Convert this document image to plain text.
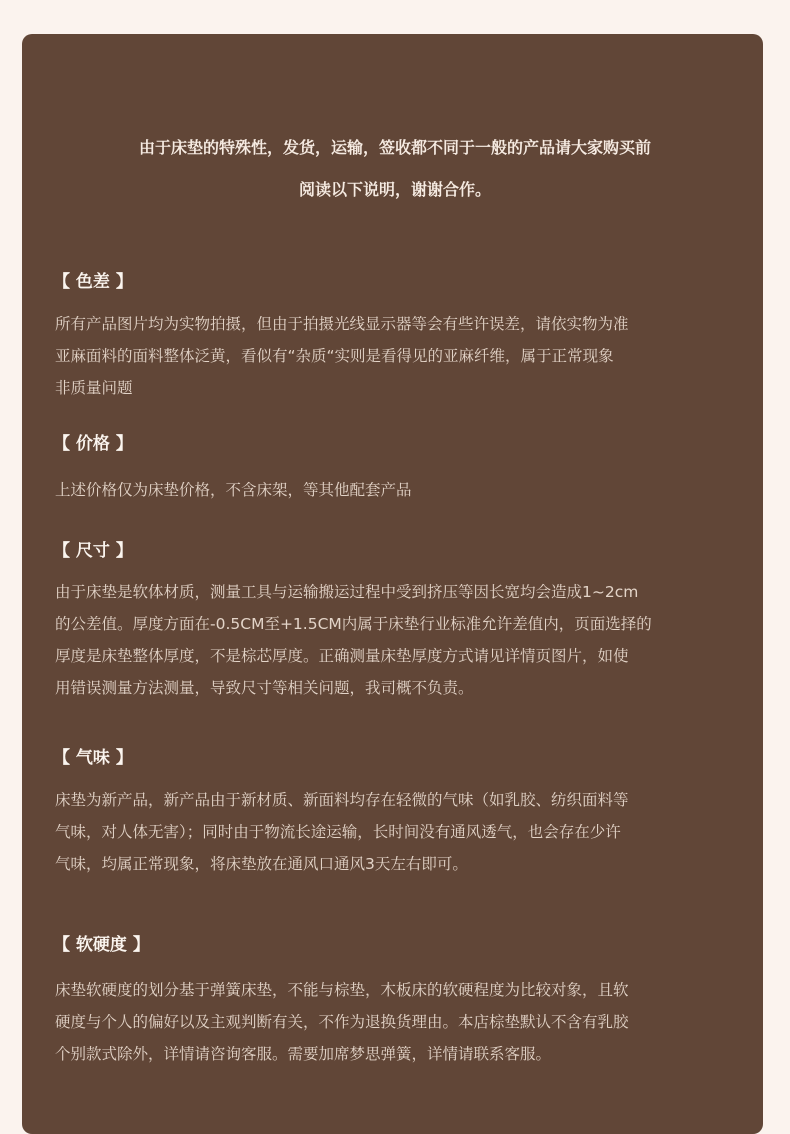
由于床垫的特殊性，发货，运输，签收都不同于一般的产品请大家购买前
阅读以下说明，谢谢合作。
【 色差 】
所有产品图片均为实物拍摄，但由于拍摄光线显示器等会有些许误差，请依实物为准
亚麻面料的面料整体泛黄，看似有“杂质“实则是看得见的亚麻纤维，属于正常现象
非质量问题
【 价格 】
上述价格仅为床垫价格，不含床架，等其他配套产品
【 尺寸 】
由于床垫是软体材质，测量工具与运输搬运过程中受到挤压等因长宽均会造成1~2cm
的公差值。厚度方面在-0.5CM至+1.5CM内属于床垫行业标准允许差值内，页面选择的
厚度是床垫整体厚度，不是棕芯厚度。正确测量床垫厚度方式请见详情页图片，如使
用错误测量方法测量，导致尺寸等相关问题，我司概不负责。
【 气味 】
床垫为新产品，新产品由于新材质、新面料均存在轻微的气味（如乳胶、纺织面料等
气味，对人体无害）；同时由于物流长途运输，长时间没有通风透气，也会存在少许
气味，均属正常现象，将床垫放在通风口通风3天左右即可。
【 软硬度 】
床垫软硬度的划分基于弹簧床垫，不能与棕垫，木板床的软硬程度为比较对象，且软
硬度与个人的偏好以及主观判断有关，不作为退换货理由。本店棕垫默认不含有乳胶
个别款式除外，详情请咨询客服。需要加席梦思弹簧，详情请联系客服。
